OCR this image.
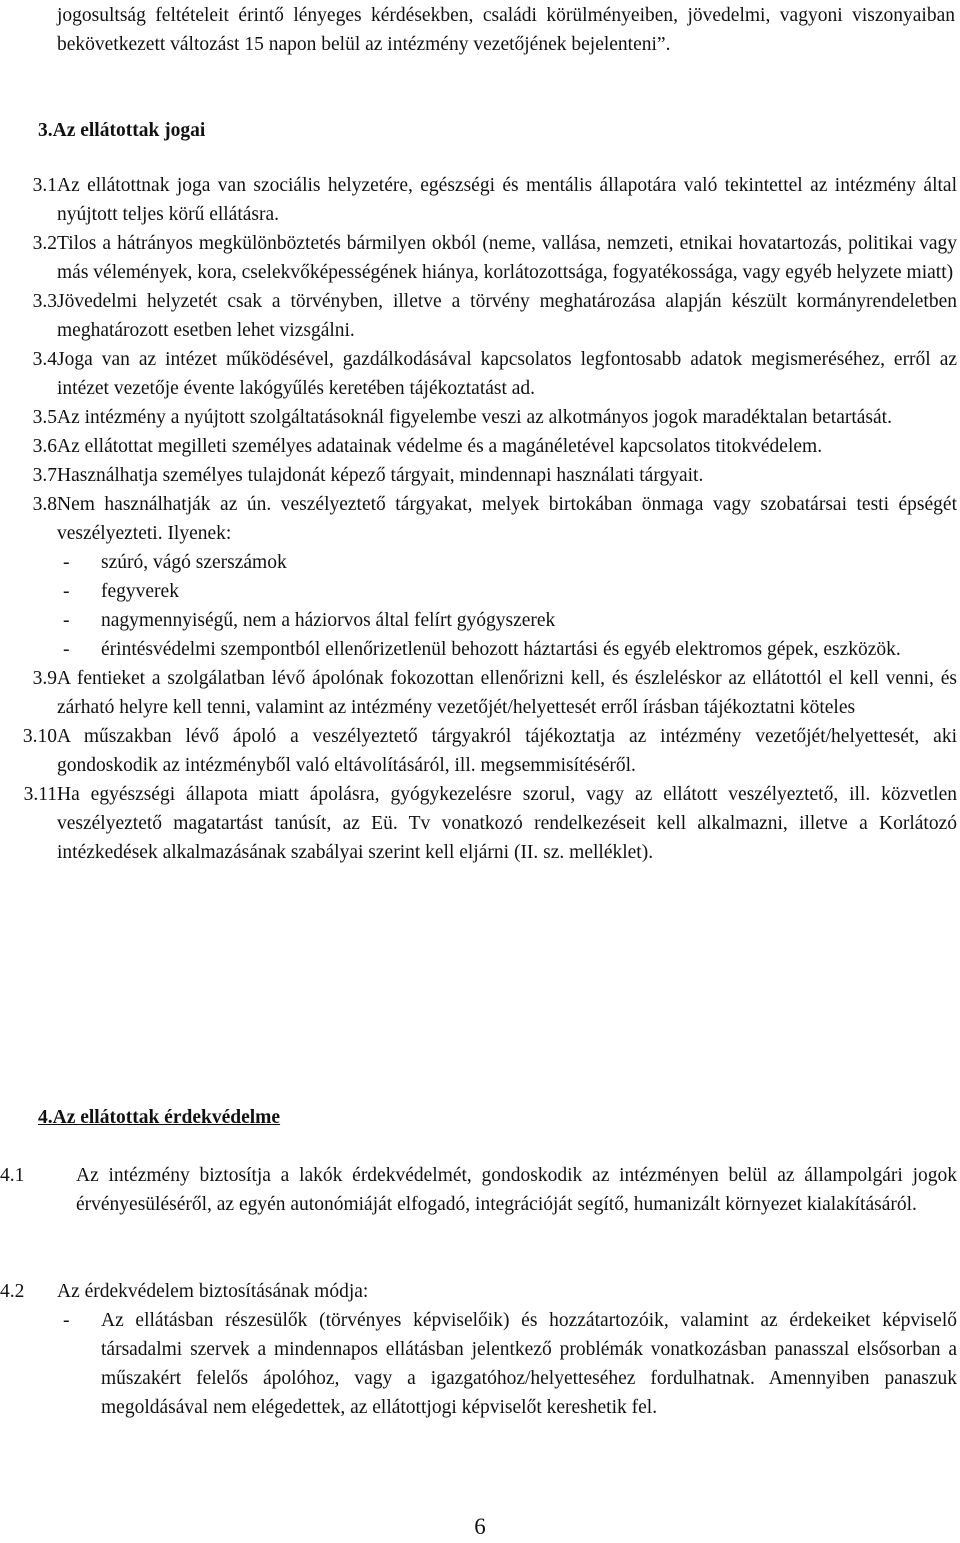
jogosultság feltételeit érintő lényeges kérdésekben, családi körülményeiben, jövedelmi, vagyoni viszonyaiban bekövetkezett változást 15 napon belül az intézmény vezetőjének bejelenteni”.
3.Az ellátottak jogai
3.1 Az ellátottnak joga van szociális helyzetére, egészségi és mentális állapotára való tekintettel az intézmény által nyújtott teljes körű ellátásra.
3.2 Tilos a hátrányos megkülönböztetés bármilyen okból (neme, vallása, nemzeti, etnikai hovatartozás, politikai vagy más vélemények, kora, cselekvőképességének hiánya, korlátozottsága, fogyatékossága, vagy egyéb helyzete miatt)
3.3 Jövedelmi helyzetét csak a törvényben, illetve a törvény meghatározása alapján készült kormányrendeletben meghatározott esetben lehet vizsgálni.
3.4 Joga van az intézet működésével, gazdálkodásával kapcsolatos legfontosabb adatok megismeréséhez, erről az intézet vezetője évente lakógyűlés keretében tájékoztatást ad.
3.5 Az intézmény a nyújtott szolgáltatásoknál figyelembe veszi az alkotmányos jogok maradéktalan betartását.
3.6 Az ellátottat megilleti személyes adatainak védelme és a magánéletével kapcsolatos titokvédelem.
3.7 Használhatja személyes tulajdonát képező tárgyait, mindennapi használati tárgyait.
3.8 Nem használhatják az ún. veszélyeztető tárgyakat, melyek birtokában önmaga vagy szobatársai testi épségét veszélyezteti. Ilyenek:
-	szúró, vágó szerszámok
-	fegyverek
-	nagymennyiségű, nem a háziorvos által felírt gyógyszerek
-	érintésvédelmi szempontból ellenőrizetlenül behozott háztartási és egyéb elektromos gépek, eszközök.
3.9 A fentieket a szolgálatban lévő ápolónak fokozottan ellenőrizni kell, és észleléskor az ellátottól el kell venni, és zárható helyre kell tenni, valamint az intézmény vezetőjét/helyettesét erről írásban tájékoztatni köteles
3.10 A műszakban lévő ápoló a veszélyeztető tárgyakról tájékoztatja az intézmény vezetőjét/helyettesét, aki gondoskodik az intézményből való eltávolításáról, ill. megsemmisítéséről.
3.11 Ha egyészségi állapota miatt ápolásra, gyógykezelésre szorul, vagy az ellátott veszélyeztető, ill. közvetlen veszélyeztető magatartást tanúsít, az Eü. Tv vonatkozó rendelkezéseit kell alkalmazni, illetve a Korlátozó intézkedések alkalmazásának szabályai szerint kell eljárni (II. sz. melléklet).
4.Az ellátottak érdekvédelme
4.1	Az intézmény biztosítja a lakók érdekvédelmét, gondoskodik az intézményen belül az állampolgári jogok érvényesüléséről, az egyén autonómiáját elfogadó, integrációját segítő, humanizált környezet kialakításáról.
4.2	Az érdekvédelem biztosításának módja:
-	Az ellátásban részesülők (törvényes képviselőik) és hozzátartozóik, valamint az érdekeiket képviselő társadalmi szervek a mindennapos ellátásban jelentkező problémák vonatkozásban panasszal elsősorban a műszakért felelős ápolóhoz, vagy a igazgatóhoz/helyetteséhez fordulhatnak. Amennyiben panaszuk megoldásával nem elégedettek, az ellátottjogi képviselőt kereshetik fel.
6
